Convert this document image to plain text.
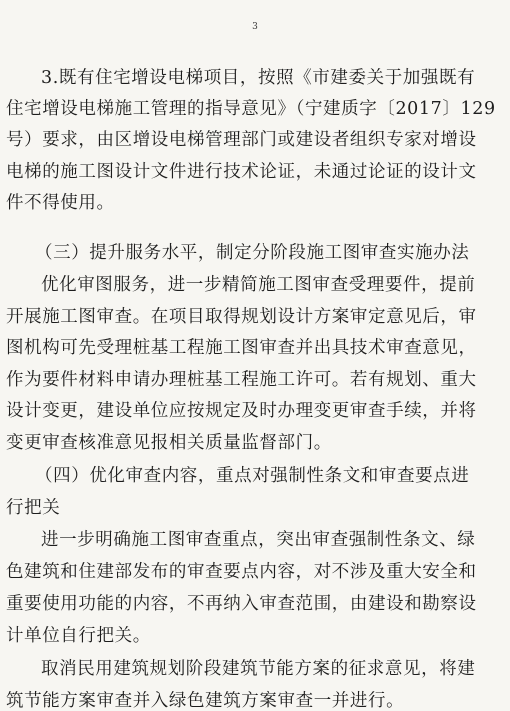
3
3.既有住宅增设电梯项目，按照《市建委关于加强既有
住宅增设电梯施工管理的指导意见》（宁建质字〔2017〕129
号）要求，由区增设电梯管理部门或建设者组织专家对增设
电梯的施工图设计文件进行技术论证，未通过论证的设计文
件不得使用。
（三）提升服务水平，制定分阶段施工图审查实施办法
优化审图服务，进一步精简施工图审查受理要件，提前
开展施工图审查。在项目取得规划设计方案审定意见后，审
图机构可先受理桩基工程施工图审查并出具技术审查意见，
作为要件材料申请办理桩基工程施工许可。若有规划、重大
设计变更，建设单位应按规定及时办理变更审查手续，并将
变更审查核准意见报相关质量监督部门。
（四）优化审查内容，重点对强制性条文和审查要点进
行把关
进一步明确施工图审查重点，突出审查强制性条文、绿
色建筑和住建部发布的审查要点内容，对不涉及重大安全和
重要使用功能的内容，不再纳入审查范围，由建设和勘察设
计单位自行把关。
取消民用建筑规划阶段建筑节能方案的征求意见，将建
筑节能方案审查并入绿色建筑方案审查一并进行。
